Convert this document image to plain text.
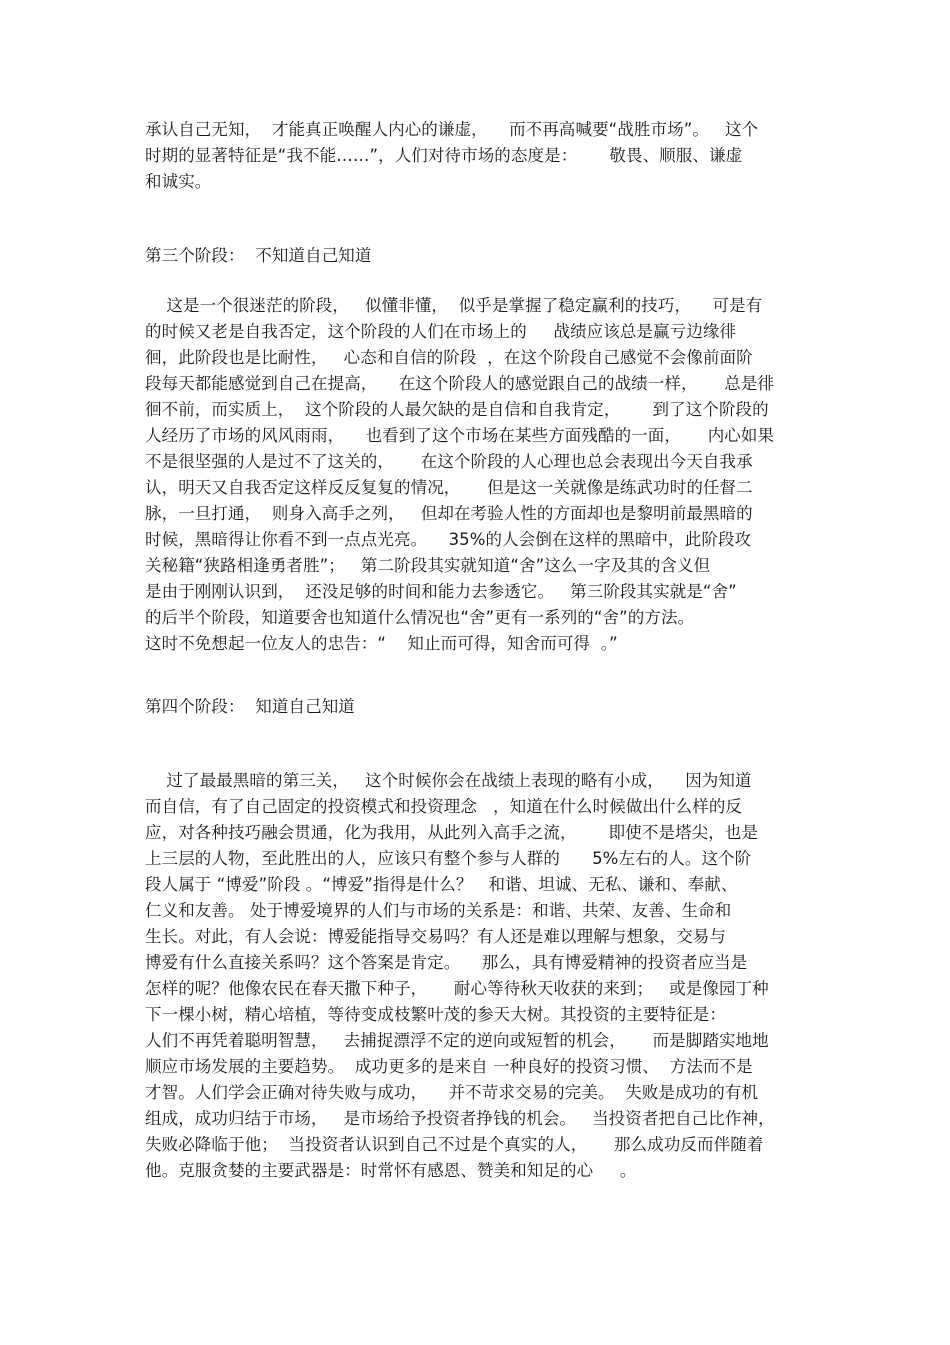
承认自己无知，  才能真正唤醒人内心的谦虚，    而不再高喊要“战胜市场”。   这个
时期的显著特征是“我不能……”，人们对待市场的态度是：      敬畏、顺服、谦虚
和诚实。
第三个阶段：  不知道自己知道
这是一个很迷茫的阶段，   似懂非懂，  似乎是掌握了稳定赢利的技巧，    可是有
的时候又老是自我否定，这个阶段的人们在市场上的     战绩应该总是赢亏边缘徘
徊，此阶段也是比耐性，   心态和自信的阶段  ，在这个阶段自己感觉不会像前面阶
段每天都能感觉到自己在提高，    在这个阶段人的感觉跟自己的战绩一样，     总是徘
徊不前，而实质上，  这个阶段的人最欠缺的是自信和自我肯定，      到了这个阶段的
人经历了市场的风风雨雨，    也看到了这个市场在某些方面残酷的一面，     内心如果
不是很坚强的人是过不了这关的，     在这个阶段的人心理也总会表现出今天自我承
认，明天又自我否定这样反反复复的情况，     但是这一关就像是练武功时的任督二
脉，一旦打通，  则身入高手之列，   但却在考验人性的方面却也是黎明前最黑暗的
时候，黑暗得让你看不到一点点光亮。    35%的人会倒在这样的黑暗中，此阶段攻
关秘籍“狭路相逢勇者胜”；   第二阶段其实就知道“舍”这么一字及其的含义但
是由于刚刚认识到，  还没足够的时间和能力去参透它。   第三阶段其实就是“舍”
的后半个阶段，知道要舍也知道什么情况也“舍”更有一系列的“舍”的方法。
这时不免想起一位友人的忠告：“    知止而可得，知舍而可得  。”
第四个阶段：  知道自己知道
过了最最黑暗的第三关，   这个时候你会在战绩上表现的略有小成，    因为知道
而自信，有了自己固定的投资模式和投资理念   ，知道在什么时候做出什么样的反
应，对各种技巧融会贯通，化为我用，从此列入高手之流，      即使不是塔尖，也是
上三层的人物，至此胜出的人，应该只有整个参与人群的      5%左右的人。这个阶
段人属于 “博爱”阶段 。“博爱”指得是什么？   和谐、坦诚、无私、谦和、奉献、
仁义和友善。 处于博爱境界的人们与市场的关系是：和谐、共荣、友善、生命和
生长。对此，有人会说：博爱能指导交易吗？有人还是难以理解与想象，交易与
博爱有什么直接关系吗？这个答案是肯定。    那么，具有博爱精神的投资者应当是
怎样的呢？他像农民在春天撒下种子，     耐心等待秋天收获的来到；   或是像园丁种
下一棵小树，精心培植，等待变成枝繁叶茂的参天大树。其投资的主要特征是：
人们不再凭着聪明智慧，   去捕捉漂浮不定的逆向或短暂的机会，     而是脚踏实地地
顺应市场发展的主要趋势。  成功更多的是来自 一种良好的投资习惯、  方法而不是
才智。人们学会正确对待失败与成功，    并不苛求交易的完美。  失败是成功的有机
组成，成功归结于市场，   是市场给予投资者挣钱的机会。   当投资者把自己比作神，
失败必降临于他；  当投资者认识到自己不过是个真实的人，     那么成功反而伴随着
他。克服贪婪的主要武器是：时常怀有感恩、赞美和知足的心     。
